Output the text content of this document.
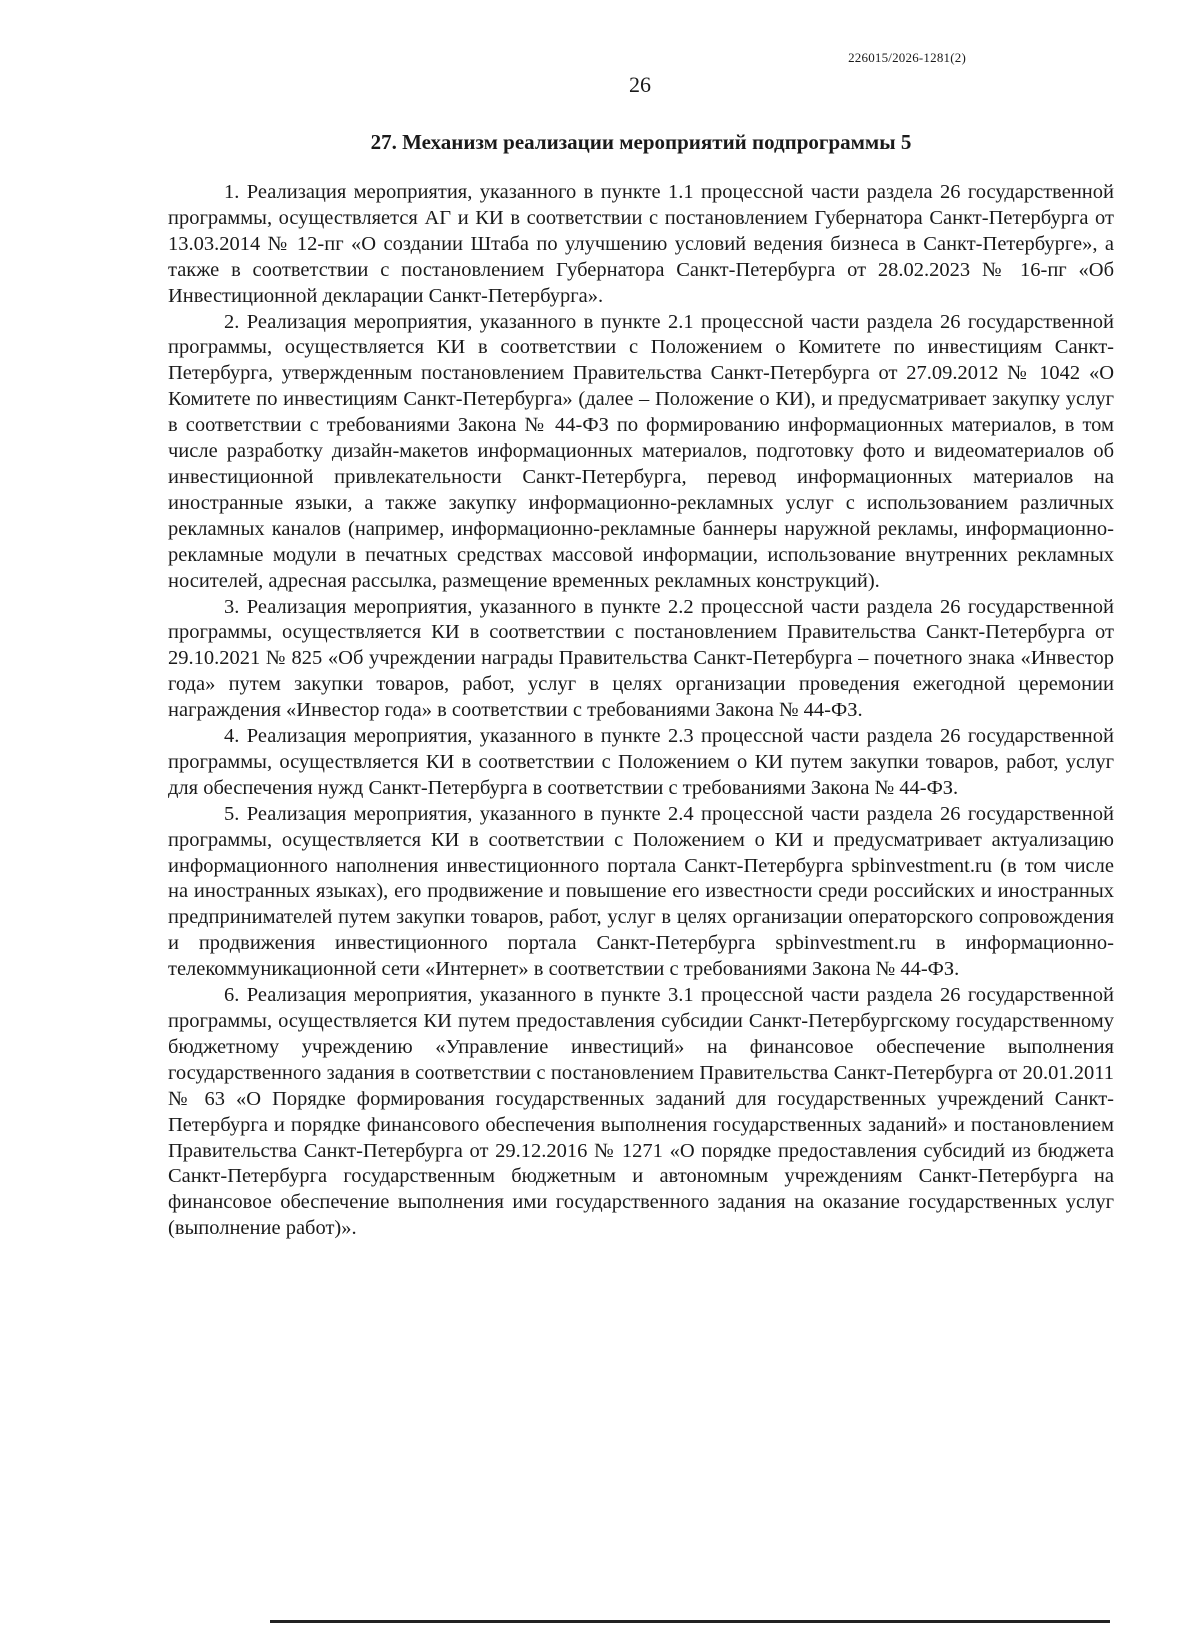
226015/2026-1281(2)
26
27. Механизм реализации мероприятий подпрограммы 5

1. Реализация мероприятия, указанного в пункте 1.1 процессной части раздела 26 государственной программы, осуществляется АГ и КИ в соответствии с постановлением Губернатора Санкт-Петербурга от 13.03.2014 № 12-пг «О создании Штаба по улучшению условий ведения бизнеса в Санкт-Петербурге», а также в соответствии с постановлением Губернатора Санкт-Петербурга от 28.02.2023 № 16-пг «Об Инвестиционной декларации Санкт-Петербурга».

2. Реализация мероприятия, указанного в пункте 2.1 процессной части раздела 26 государственной программы, осуществляется КИ в соответствии с Положением о Комитете по инвестициям Санкт-Петербурга, утвержденным постановлением Правительства Санкт-Петербурга от 27.09.2012 № 1042 «О Комитете по инвестициям Санкт-Петербурга» (далее – Положение о КИ), и предусматривает закупку услуг в соответствии с требованиями Закона № 44-ФЗ по формированию информационных материалов, в том числе разработку дизайн-макетов информационных материалов, подготовку фото и видеоматериалов об инвестиционной привлекательности Санкт-Петербурга, перевод информационных материалов на иностранные языки, а также закупку информационно-рекламных услуг с использованием различных рекламных каналов (например, информационно-рекламные баннеры наружной рекламы, информационно-рекламные модули в печатных средствах массовой информации, использование внутренних рекламных носителей, адресная рассылка, размещение временных рекламных конструкций).

3. Реализация мероприятия, указанного в пункте 2.2 процессной части раздела 26 государственной программы, осуществляется КИ в соответствии с постановлением Правительства Санкт-Петербурга от 29.10.2021 № 825 «Об учреждении награды Правительства Санкт-Петербурга – почетного знака «Инвестор года» путем закупки товаров, работ, услуг в целях организации проведения ежегодной церемонии награждения «Инвестор года» в соответствии с требованиями Закона № 44-ФЗ.

4. Реализация мероприятия, указанного в пункте 2.3 процессной части раздела 26 государственной программы, осуществляется КИ в соответствии с Положением о КИ путем закупки товаров, работ, услуг для обеспечения нужд Санкт-Петербурга в соответствии с требованиями Закона № 44-ФЗ.

5. Реализация мероприятия, указанного в пункте 2.4 процессной части раздела 26 государственной программы, осуществляется КИ в соответствии с Положением о КИ и предусматривает актуализацию информационного наполнения инвестиционного портала Санкт-Петербурга spbinvestment.ru (в том числе на иностранных языках), его продвижение и повышение его известности среди российских и иностранных предпринимателей путем закупки товаров, работ, услуг в целях организации операторского сопровождения и продвижения инвестиционного портала Санкт-Петербурга spbinvestment.ru в информационно-телекоммуникационной сети «Интернет» в соответствии с требованиями Закона № 44-ФЗ.

6. Реализация мероприятия, указанного в пункте 3.1 процессной части раздела 26 государственной программы, осуществляется КИ путем предоставления субсидии Санкт-Петербургскому государственному бюджетному учреждению «Управление инвестиций» на финансовое обеспечение выполнения государственного задания в соответствии с постановлением Правительства Санкт-Петербурга от 20.01.2011 № 63 «О Порядке формирования государственных заданий для государственных учреждений Санкт-Петербурга и порядке финансового обеспечения выполнения государственных заданий» и постановлением Правительства Санкт-Петербурга от 29.12.2016 № 1271 «О порядке предоставления субсидий из бюджета Санкт-Петербурга государственным бюджетным и автономным учреждениям Санкт-Петербурга на финансовое обеспечение выполнения ими государственного задания на оказание государственных услуг (выполнение работ)».
